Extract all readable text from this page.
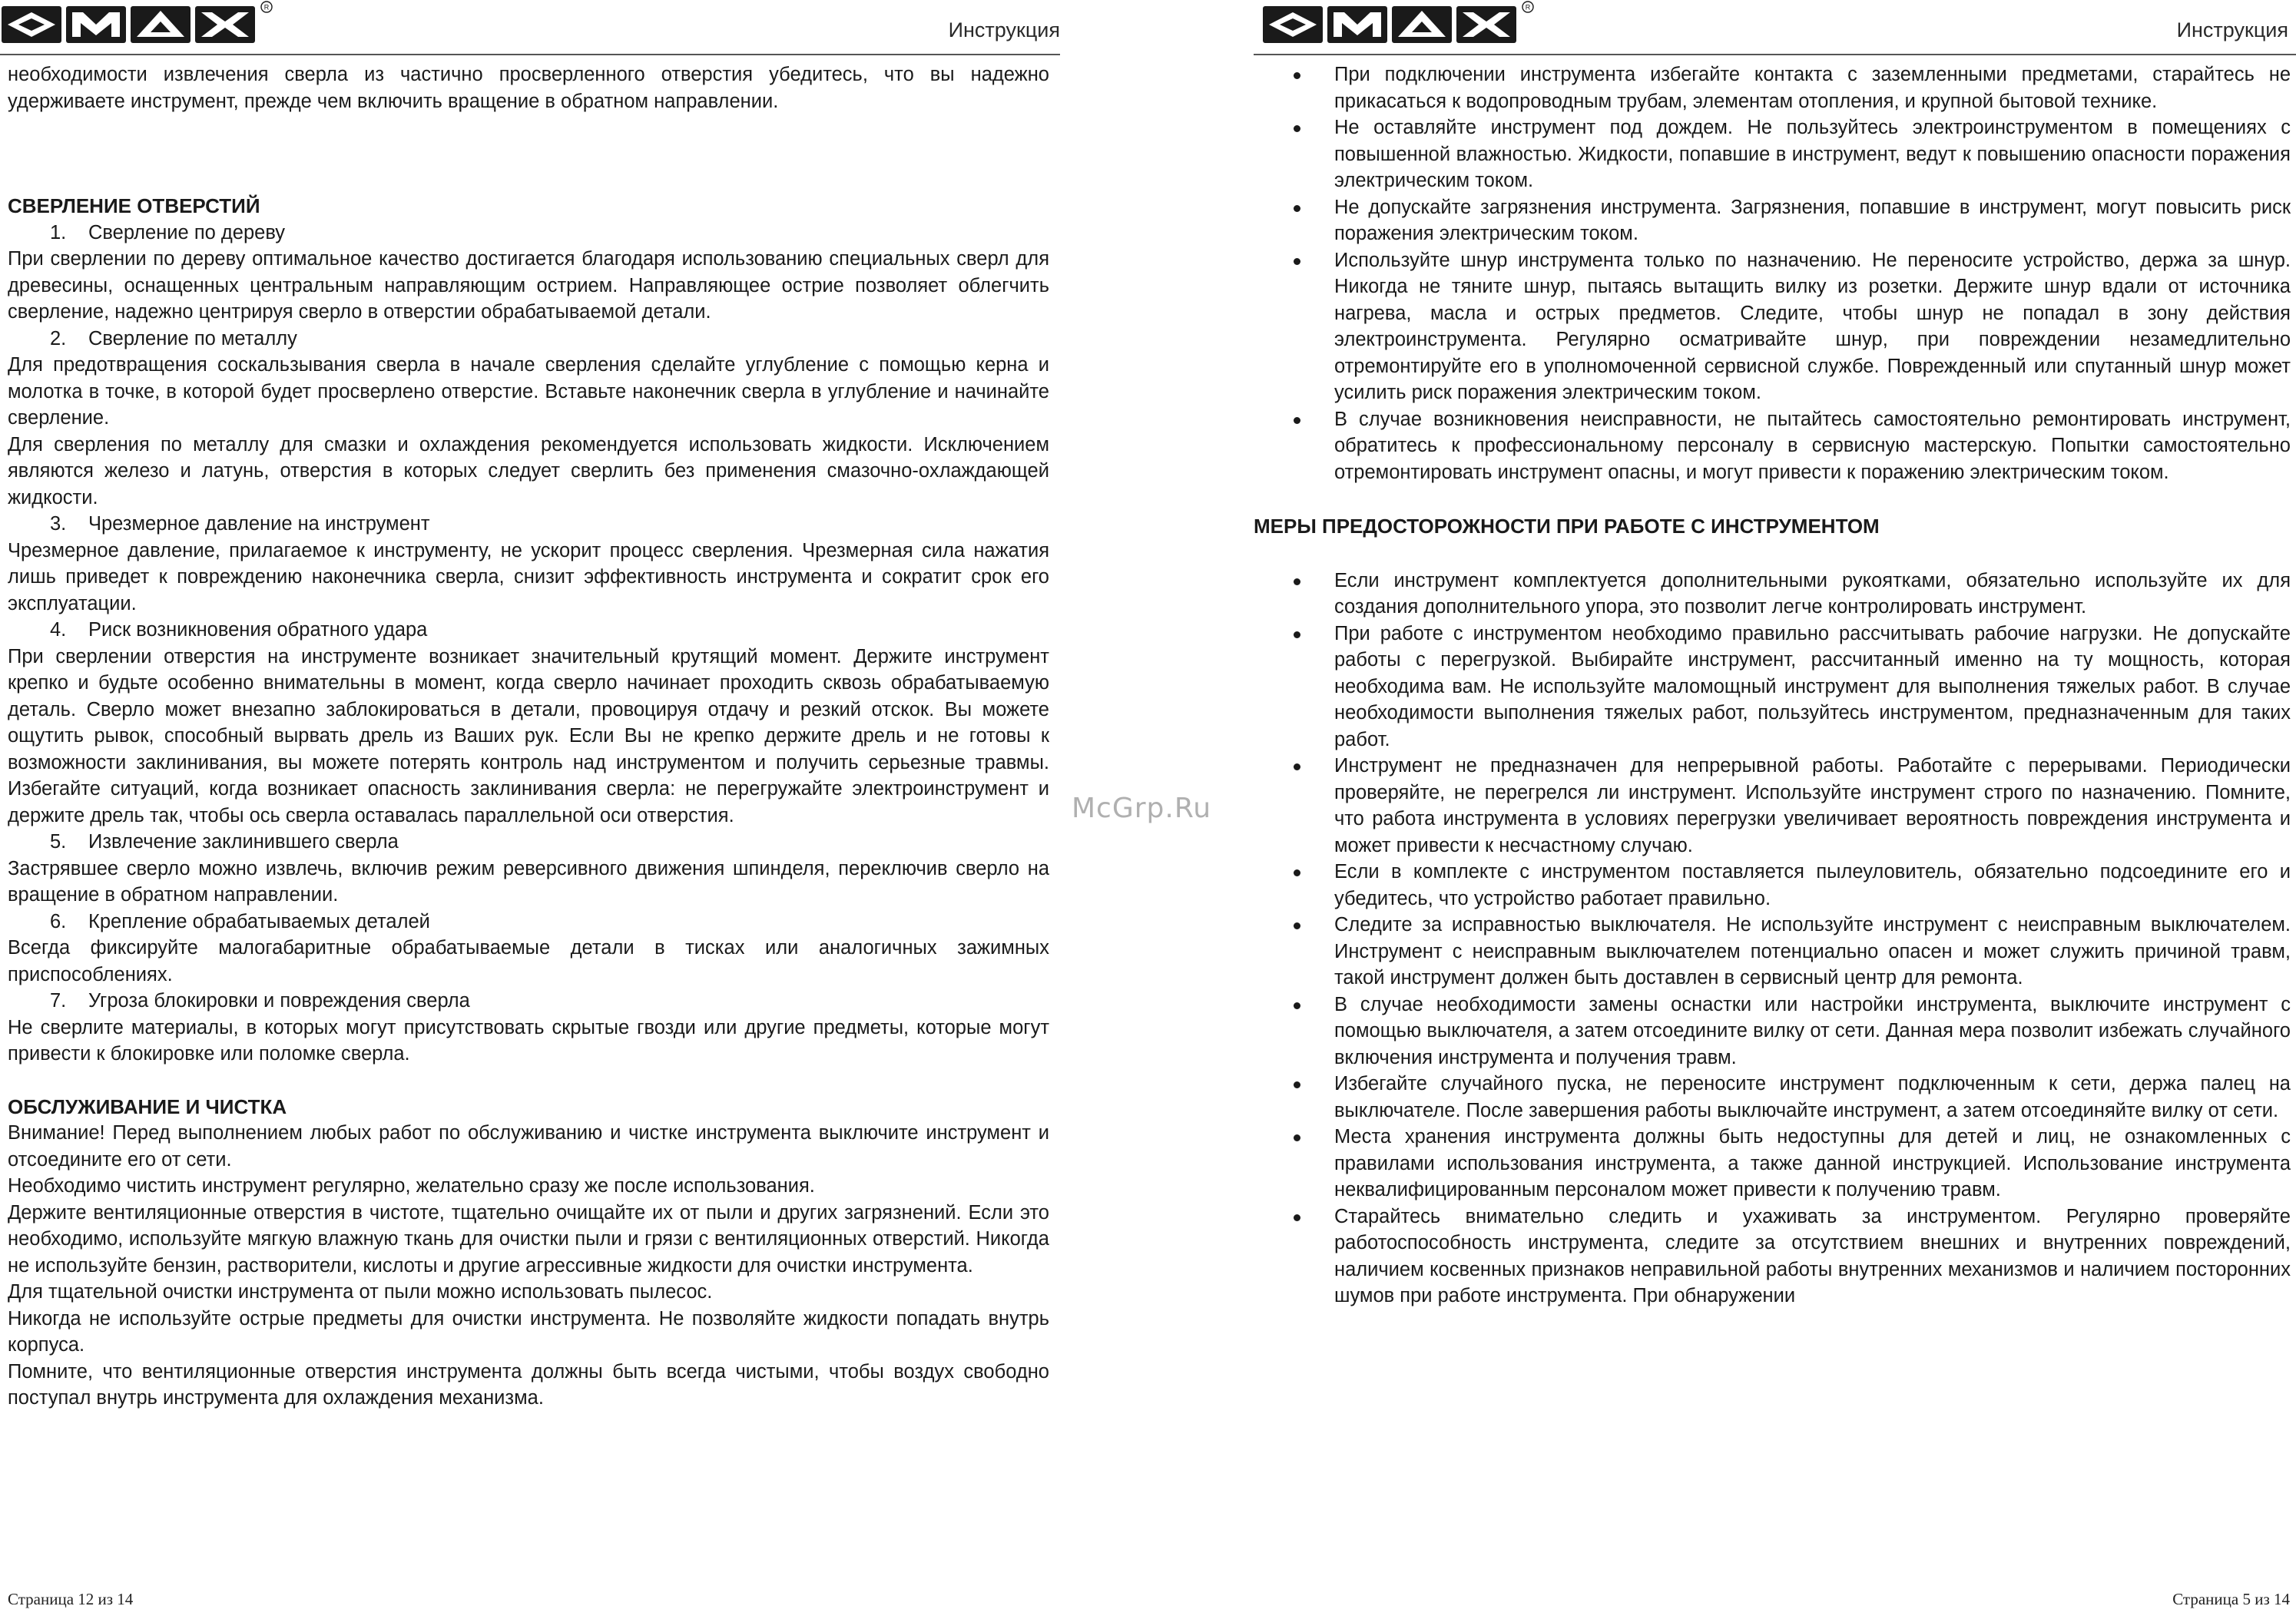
R
Инструкция

необходимости извлечения сверла из частично просверленного отверстия убедитесь, что вы надежно удерживаете инструмент, прежде чем включить вращение в обратном направлении.

СВЕРЛЕНИЕ ОТВЕРСТИЙ

1. Сверление по дереву

При сверлении по дереву оптимальное качество достигается благодаря использованию специальных сверл для древесины, оснащенных центральным направляющим острием. Направляющее острие позволяет облегчить сверление, надежно центрируя сверло в отверстии обрабатываемой детали.

2. Сверление по металлу

Для предотвращения соскальзывания сверла в начале сверления сделайте углубление с помощью керна и молотка в точке, в которой будет просверлено отверстие. Вставьте наконечник сверла в углубление и начинайте сверление.

Для сверления по металлу для смазки и охлаждения рекомендуется использовать жидкости. Исключением являются железо и латунь, отверстия в которых следует сверлить без применения смазочно-охлаждающей жидкости.

3. Чрезмерное давление на инструмент

Чрезмерное давление, прилагаемое к инструменту, не ускорит процесс сверления. Чрезмерная сила нажатия лишь приведет к повреждению наконечника сверла, снизит эффективность инструмента и сократит срок его эксплуатации.

4. Риск возникновения обратного удара

При сверлении отверстия на инструменте возникает значительный крутящий момент. Держите инструмент крепко и будьте особенно внимательны в момент, когда сверло начинает проходить сквозь обрабатываемую деталь. Сверло может внезапно заблокироваться в детали, провоцируя отдачу и резкий отскок. Вы можете ощутить рывок, способный вырвать дрель из Ваших рук. Если Вы не крепко держите дрель и не готовы к возможности заклинивания, вы можете потерять контроль над инструментом и получить серьезные травмы. Избегайте ситуаций, когда возникает опасность заклинивания сверла: не перегружайте электроинструмент и держите дрель так, чтобы ось сверла оставалась параллельной оси отверстия.

5. Извлечение заклинившего сверла

Застрявшее сверло можно извлечь, включив режим реверсивного движения шпинделя, переключив сверло на вращение в обратном направлении.

6. Крепление обрабатываемых деталей

Всегда фиксируйте малогабаритные обрабатываемые детали в тисках или аналогичных зажимных приспособлениях.

7. Угроза блокировки и повреждения сверла

Не сверлите материалы, в которых могут присутствовать скрытые гвозди или другие предметы, которые могут привести к блокировке или поломке сверла.

ОБСЛУЖИВАНИЕ И ЧИСТКА

Внимание! Перед выполнением любых работ по обслуживанию и чистке инструмента выключите инструмент и отсоедините его от сети.

Необходимо чистить инструмент регулярно, желательно сразу же после использования.

Держите вентиляционные отверстия в чистоте, тщательно очищайте их от пыли и других загрязнений. Если это необходимо, используйте мягкую влажную ткань для очистки пыли и грязи с вентиляционных отверстий. Никогда не используйте бензин, растворители, кислоты и другие агрессивные жидкости для очистки инструмента.

Для тщательной очистки инструмента от пыли можно использовать пылесос.

Никогда не используйте острые предметы для очистки инструмента. Не позволяйте жидкости попадать внутрь корпуса.

Помните, что вентиляционные отверстия инструмента должны быть всегда чистыми, чтобы воздух свободно поступал внутрь инструмента для охлаждения механизма.

Страница 12 из 14
McGrp.Ru
R
Инструкция
При подключении инструмента избегайте контакта с заземленными предметами, старайтесь не прикасаться к водопроводным трубам, элементам отопления, и крупной бытовой технике.
Не оставляйте инструмент под дождем. Не пользуйтесь электроинструментом в помещениях с повышенной влажностью. Жидкости, попавшие в инструмент, ведут к повышению опасности поражения электрическим током.
Не допускайте загрязнения инструмента. Загрязнения, попавшие в инструмент, могут повысить риск поражения электрическим током.
Используйте шнур инструмента только по назначению. Не переносите устройство, держа за шнур. Никогда не тяните шнур, пытаясь вытащить вилку из розетки. Держите шнур вдали от источника нагрева, масла и острых предметов. Следите, чтобы шнур не попадал в зону действия электроинструмента. Регулярно осматривайте шнур, при повреждении незамедлительно отремонтируйте его в уполномоченной сервисной службе. Поврежденный или спутанный шнур может усилить риск поражения электрическим током.
В случае возникновения неисправности, не пытайтесь самостоятельно ремонтировать инструмент, обратитесь к профессиональному персоналу в сервисную мастерскую. Попытки самостоятельно отремонтировать инструмент опасны, и могут привести к поражению электрическим током.

МЕРЫ ПРЕДОСТОРОЖНОСТИ ПРИ РАБОТЕ С ИНСТРУМЕНТОМ

Если инструмент комплектуется дополнительными рукоятками, обязательно используйте их для создания дополнительного упора, это позволит легче контролировать инструмент.
При работе с инструментом необходимо правильно рассчитывать рабочие нагрузки. Не допускайте работы с перегрузкой. Выбирайте инструмент, рассчитанный именно на ту мощность, которая необходима вам. Не используйте маломощный инструмент для выполнения тяжелых работ. В случае необходимости выполнения тяжелых работ, пользуйтесь инструментом, предназначенным для таких работ.
Инструмент не предназначен для непрерывной работы. Работайте с перерывами. Периодически проверяйте, не перегрелся ли инструмент. Используйте инструмент строго по назначению. Помните, что работа инструмента в условиях перегрузки увеличивает вероятность повреждения инструмента и может привести к несчастному случаю.
Если в комплекте с инструментом поставляется пылеуловитель, обязательно подсоедините его и убедитесь, что устройство работает правильно.
Следите за исправностью выключателя. Не используйте инструмент с неисправным выключателем. Инструмент с неисправным выключателем потенциально опасен и может служить причиной травм, такой инструмент должен быть доставлен в сервисный центр для ремонта.
В случае необходимости замены оснастки или настройки инструмента, выключите инструмент с помощью выключателя, а затем отсоедините вилку от сети. Данная мера позволит избежать случайного включения инструмента и получения травм.
Избегайте случайного пуска, не переносите инструмент подключенным к сети, держа палец на выключателе. После завершения работы выключайте инструмент, а затем отсоединяйте вилку от сети.
Места хранения инструмента должны быть недоступны для детей и лиц, не ознакомленных с правилами использования инструмента, а также данной инструкцией. Использование инструмента неквалифицированным персоналом может привести к получению травм.
Старайтесь внимательно следить и ухаживать за инструментом. Регулярно проверяйте работоспособность инструмента, следите за отсутствием внешних и внутренних повреждений, наличием косвенных признаков неправильной работы внутренних механизмов и наличием посторонних шумов при работе инструмента. При обнаружении
Страница 5 из 14
